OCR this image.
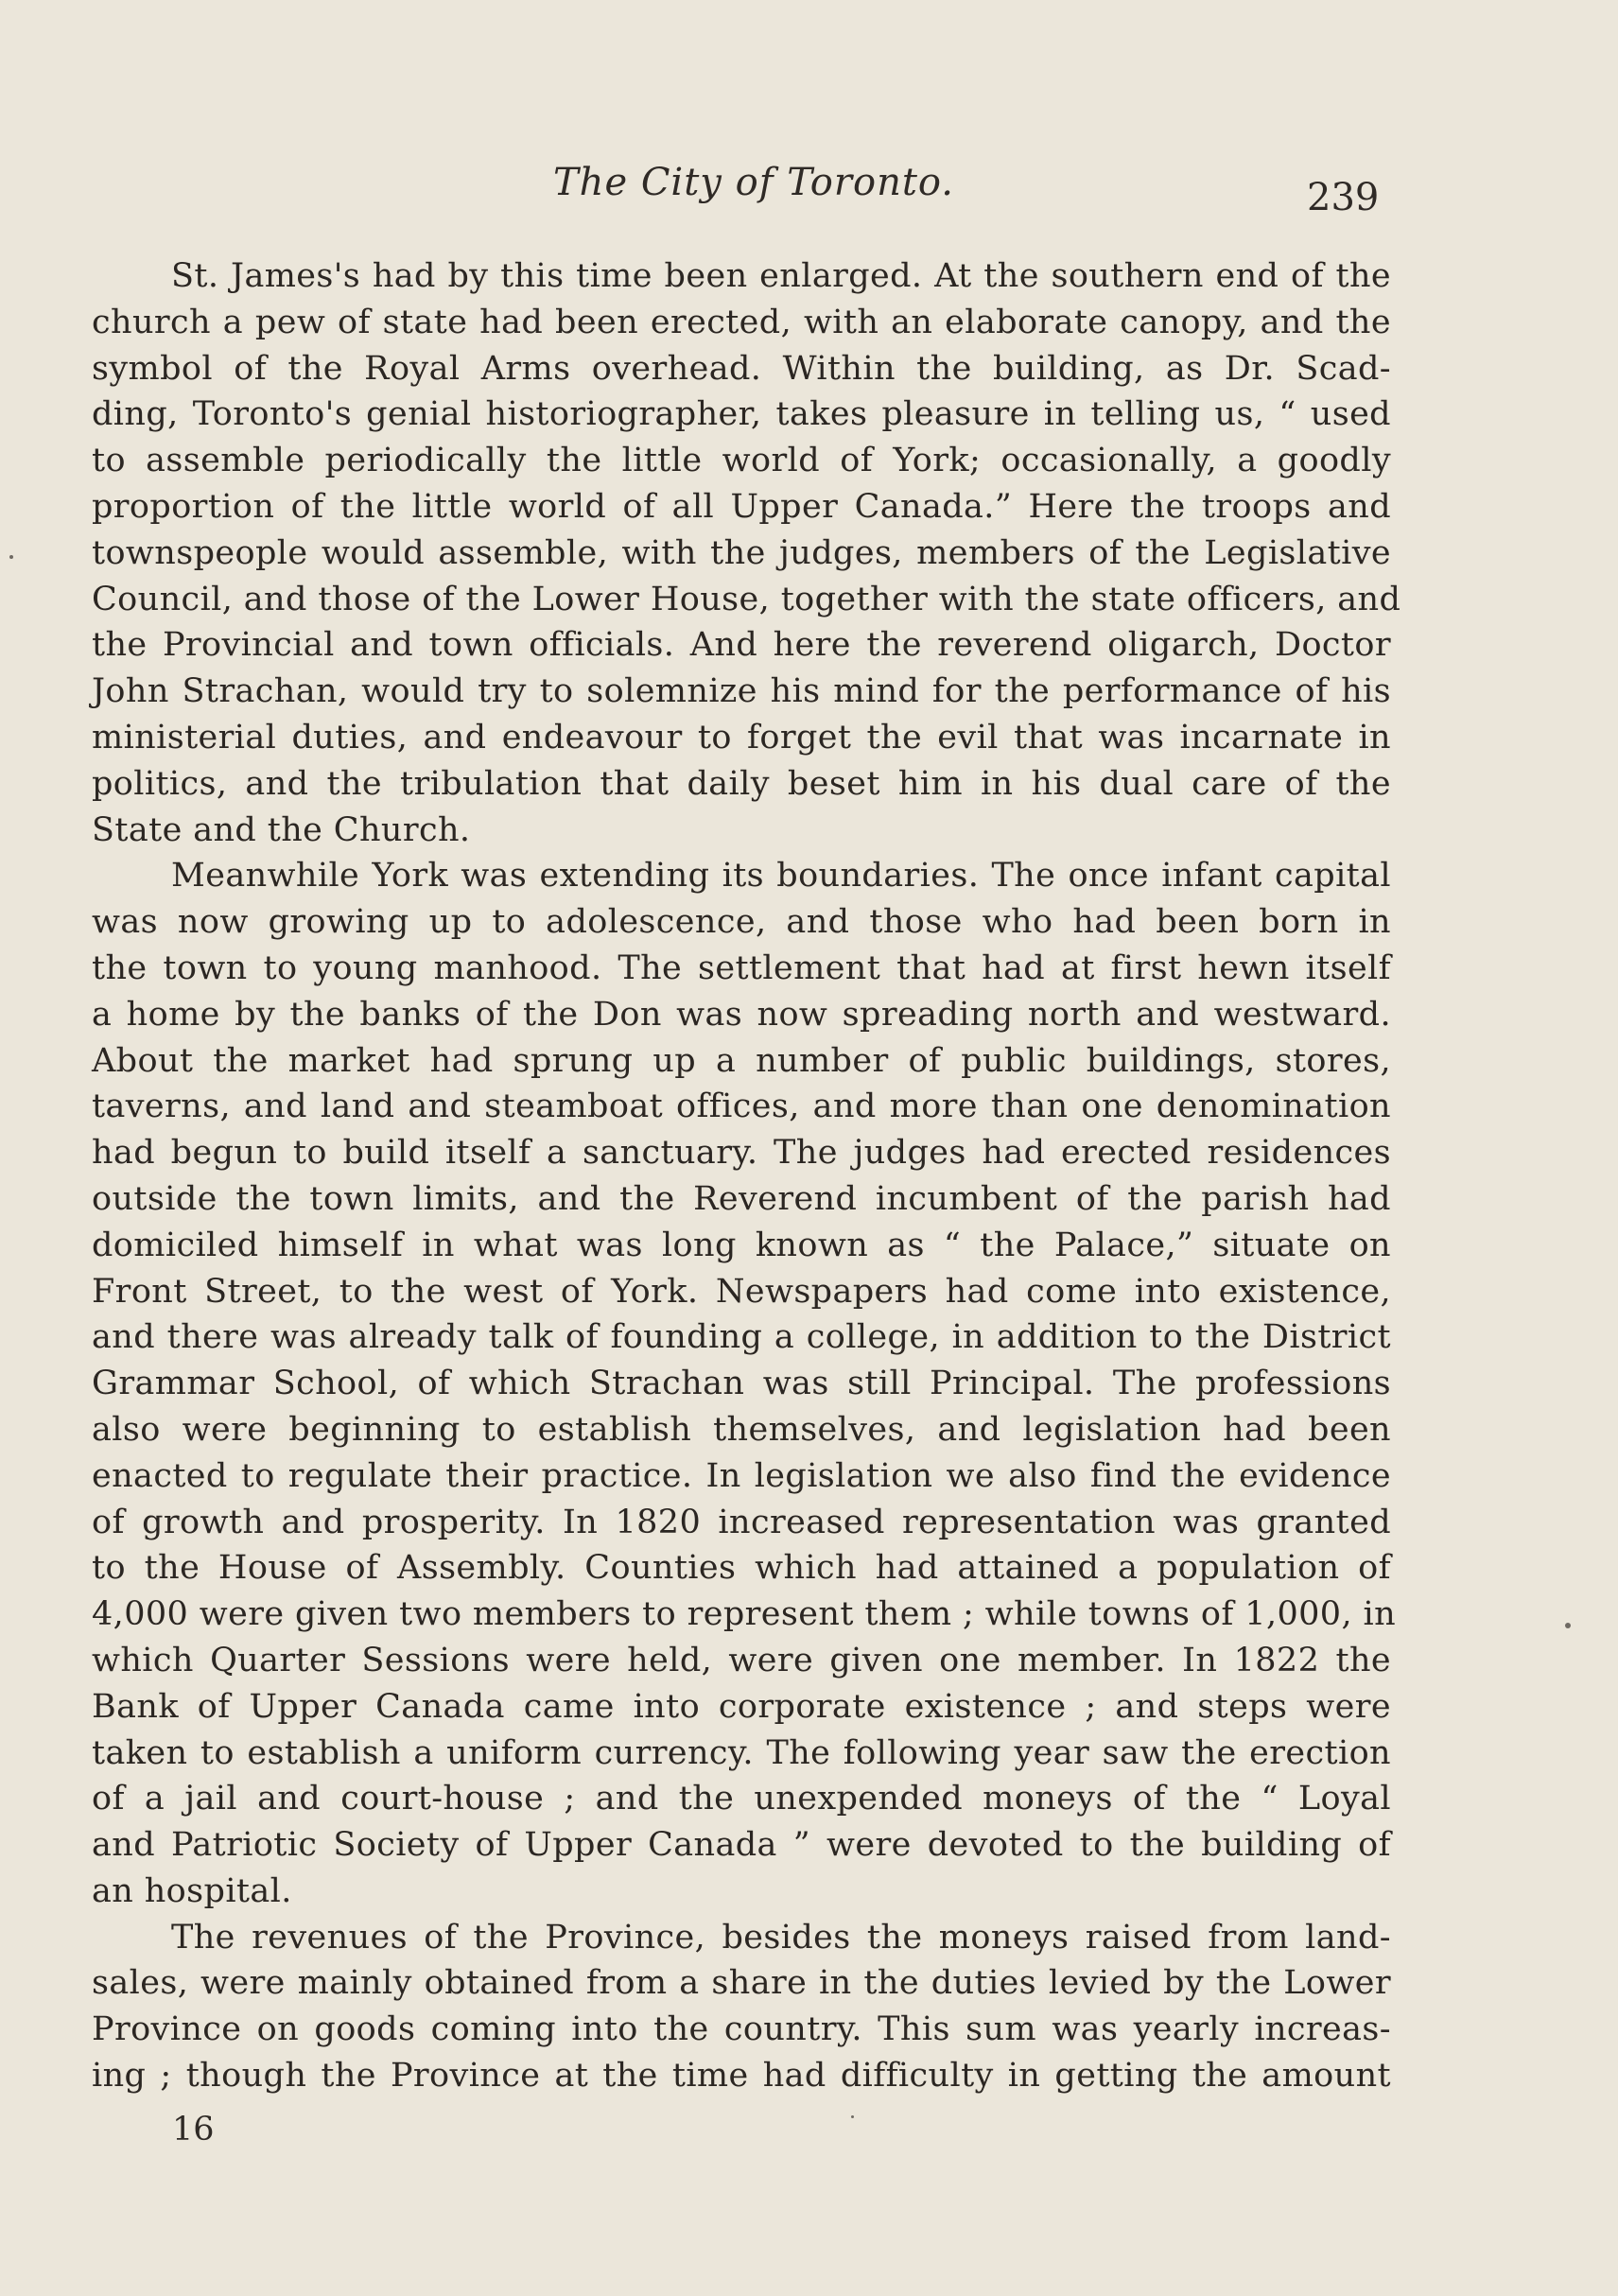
The City of Toronto.	239
St. James's had by this time been enlarged. At the southern end of the
church a pew of state had been erected, with an elaborate canopy, and the
symbol of the Royal Arms overhead. Within the building, as Dr. Scad-
ding, Toronto's genial historiographer, takes pleasure in telling us, “ used
to assemble periodically the little world of York; occasionally, a goodly
proportion of the little world of all Upper Canada.” Here the troops and
townspeople would assemble, with the judges, members of the Legislative
Council, and those of the Lower House, together with the state officers, and
the Provincial and town officials. And here the reverend oligarch, Doctor
John Strachan, would try to solemnize his mind for the performance of his
ministerial duties, and endeavour to forget the evil that was incarnate in
politics, and the tribulation that daily beset him in his dual care of the
State and the Church.
Meanwhile York was extending its boundaries. The once infant capital
was now growing up to adolescence, and those who had been born in
the town to young manhood. The settlement that had at first hewn itself
a home by the banks of the Don was now spreading north and westward.
About the market had sprung up a number of public buildings, stores,
taverns, and land and steamboat offices, and more than one denomination
had begun to build itself a sanctuary. The judges had erected residences
outside the town limits, and the Reverend incumbent of the parish had
domiciled himself in what was long known as “ the Palace,” situate on
Front Street, to the west of York. Newspapers had come into existence,
and there was already talk of founding a college, in addition to the District
Grammar School, of which Strachan was still Principal. The professions
also were beginning to establish themselves, and legislation had been
enacted to regulate their practice. In legislation we also find the evidence
of growth and prosperity. In 1820 increased representation was granted
to the House of Assembly. Counties which had attained a population of
4,000 were given two members to represent them ; while towns of 1,000, in
which Quarter Sessions were held, were given one member. In 1822 the
Bank of Upper Canada came into corporate existence ; and steps were
taken to establish a uniform currency. The following year saw the erection
of a jail and court-house ; and the unexpended moneys of the “ Loyal
and Patriotic Society of Upper Canada ” were devoted to the building of
an hospital.
The revenues of the Province, besides the moneys raised from land-
sales, were mainly obtained from a share in the duties levied by the Lower
Province on goods coming into the country. This sum was yearly increas-
ing ; though the Province at the time had difficulty in getting the amount
16
